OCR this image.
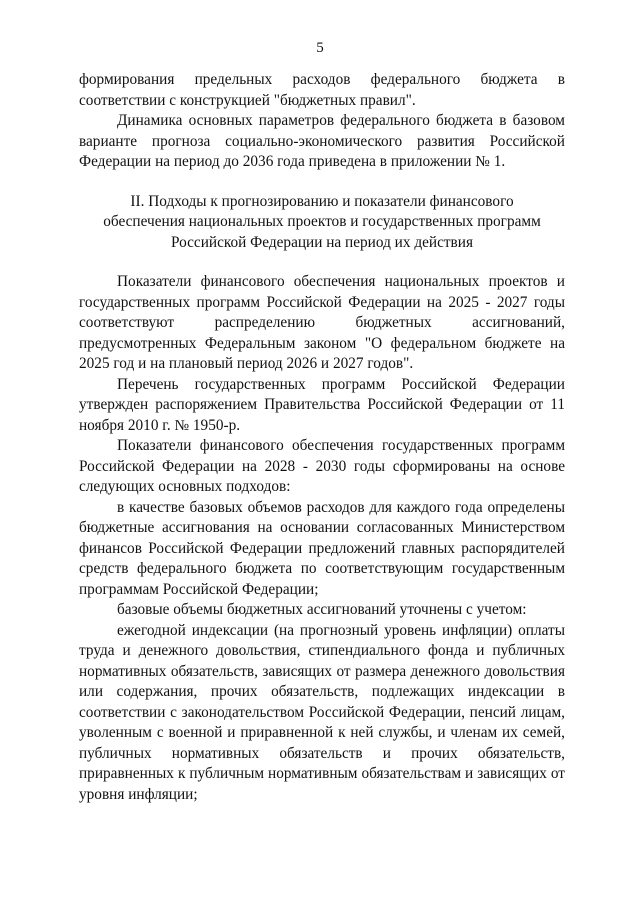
5

формирования предельных расходов федерального бюджета в соответствии с конструкцией "бюджетных правил".

Динамика основных параметров федерального бюджета в базовом варианте прогноза социально-экономического развития Российской Федерации на период до 2036 года приведена в приложении № 1.

II. Подходы к прогнозированию и показатели финансового
обеспечения национальных проектов и государственных программ
Российской Федерации на период их действия

Показатели финансового обеспечения национальных проектов и государственных программ Российской Федерации на 2025 - 2027 годы соответствуют распределению бюджетных ассигнований, предусмотренных Федеральным законом "О федеральном бюджете на 2025 год и на плановый период 2026 и 2027 годов".

Перечень государственных программ Российской Федерации утвержден распоряжением Правительства Российской Федерации от 11 ноября 2010 г. № 1950-р.

Показатели финансового обеспечения государственных программ Российской Федерации на 2028 - 2030 годы сформированы на основе следующих основных подходов:

в качестве базовых объемов расходов для каждого года определены бюджетные ассигнования на основании согласованных Министерством финансов Российской Федерации предложений главных распорядителей средств федерального бюджета по соответствующим государственным программам Российской Федерации;

базовые объемы бюджетных ассигнований уточнены с учетом:

ежегодной индексации (на прогнозный уровень инфляции) оплаты труда и денежного довольствия, стипендиального фонда и публичных нормативных обязательств, зависящих от размера денежного довольствия или содержания, прочих обязательств, подлежащих индексации в соответствии с законодательством Российской Федерации, пенсий лицам, уволенным с военной и приравненной к ней службы, и членам их семей, публичных нормативных обязательств и прочих обязательств, приравненных к публичным нормативным обязательствам и зависящих от уровня инфляции;
